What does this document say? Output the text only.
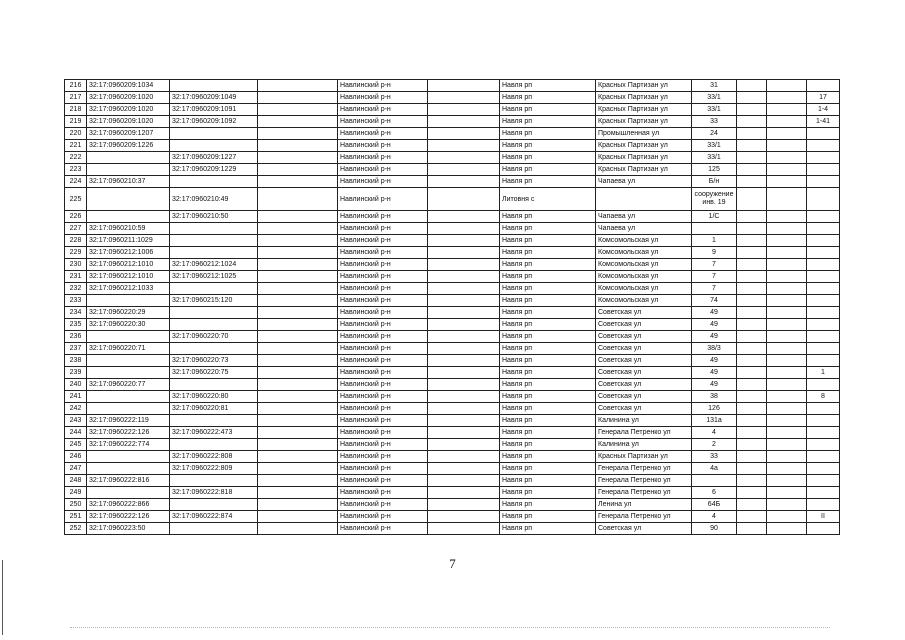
216	32:17:0960209:1034			Навлинский р-н		Навля рп	Красных Партизан ул	31			
217	32:17:0960209:1020	32:17:0960209:1049		Навлинский р-н		Навля рп	Красных Партизан ул	33/1			17
218	32:17:0960209:1020	32:17:0960209:1091		Навлинский р-н		Навля рп	Красных Партизан ул	33/1			1-4
219	32:17:0960209:1020	32:17:0960209:1092		Навлинский р-н		Навля рп	Красных Партизан ул	33			1-41
220	32:17:0960209:1207			Навлинский р-н		Навля рп	Промышленная ул	24			
221	32:17:0960209:1226			Навлинский р-н		Навля рп	Красных Партизан ул	33/1			
222		32:17:0960209:1227		Навлинский р-н		Навля рп	Красных Партизан ул	33/1			
223		32:17:0960209:1229		Навлинский р-н		Навля рп	Красных Партизан ул	125			
224	32:17:0960210:37			Навлинский р-н		Навля рп	Чапаева ул	Б/н			
225		32:17:0960210:49		Навлинский р-н		Литовня с		сооружение инв. 19			

226		32:17:0960210:50		Навлинский р-н		Навля рп	Чапаева ул	1/С			
227	32:17:0960210:59			Навлинский р-н		Навля рп	Чапаева ул				
228	32:17:0960211:1029			Навлинский р-н		Навля рп	Комсомольская ул	1			
229	32:17:0960212:1006			Навлинский р-н		Навля рп	Комсомольская ул	9			
230	32:17:0960212:1010	32:17:0960212:1024		Навлинский р-н		Навля рп	Комсомольская ул	7			
231	32:17:0960212:1010	32:17:0960212:1025		Навлинский р-н		Навля рп	Комсомольская ул	7			
232	32:17:0960212:1033			Навлинский р-н		Навля рп	Комсомольская ул	7			
233		32:17:0960215:120		Навлинский р-н		Навля рп	Комсомольская ул	74			
234	32:17:0960220:29			Навлинский р-н		Навля рп	Советская ул	49			
235	32:17:0960220:30			Навлинский р-н		Навля рп	Советская ул	49			
236		32:17:0960220:70		Навлинский р-н		Навля рп	Советская ул	49			
237	32:17:0960220:71			Навлинский р-н		Навля рп	Советская ул	38/3			
238		32:17:0960220:73		Навлинский р-н		Навля рп	Советская ул	49			
239		32:17:0960220:75		Навлинский р-н		Навля рп	Советская ул	49			1
240	32:17:0960220:77			Навлинский р-н		Навля рп	Советская ул	49			
241		32:17:0960220:80		Навлинский р-н		Навля рп	Советская ул	38			8
242		32:17:0960220:81		Навлинский р-н		Навля рп	Советская ул	126			
243	32:17:0960222:119			Навлинский р-н		Навля рп	Калинина ул	131а			
244	32:17:0960222:126	32:17:0960222:473		Навлинский р-н		Навля рп	Генерала Петренко ул	4			
245	32:17:0960222:774			Навлинский р-н		Навля рп	Калинина ул	2			
246		32:17:0960222:808		Навлинский р-н		Навля рп	Красных Партизан ул	33			
247		32:17:0960222:809		Навлинский р-н		Навля рп	Генерала Петренко ул	4а			
248	32:17:0960222:816			Навлинский р-н		Навля рп	Генерала Петренко ул				
249		32:17:0960222:818		Навлинский р-н		Навля рп	Генерала Петренко ул	6			
250	32:17:0960222:866			Навлинский р-н		Навля рп	Ленина ул	64Б			
251	32:17:0960222:126	32:17:0960222:874		Навлинский р-н		Навля рп	Генерала Петренко ул	4			II
252	32:17:0960223:50			Навлинский р-н		Навля рп	Советская ул	90			
7
